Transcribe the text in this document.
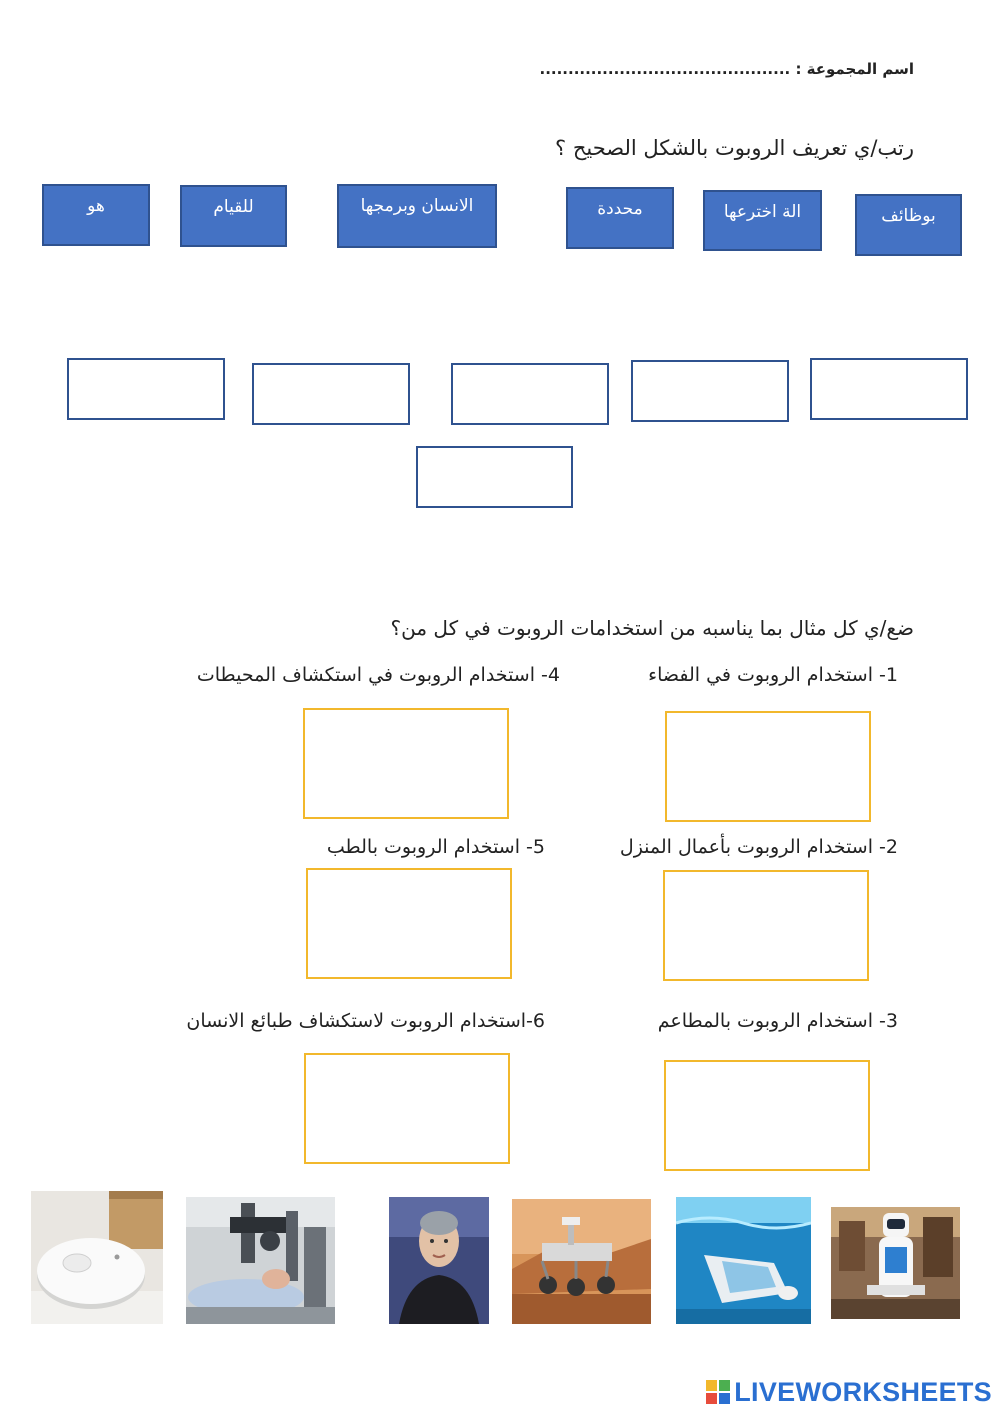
اسم المجموعة : ............................................
رتب/ي تعريف الروبوت بالشكل الصحيح ؟
بوظائف
الة اخترعها
محددة
الانسان وبرمجها
للقيام
هو
ضع/ي كل مثال بما يناسبه من استخدامات الروبوت في كل من؟
1- استخدام الروبوت في الفضاء
2- استخدام الروبوت بأعمال المنزل
3- استخدام الروبوت بالمطاعم
4- استخدام الروبوت في استكشاف المحيطات
5- استخدام الروبوت بالطب
6-استخدام الروبوت لاستكشاف طبائع الانسان
LIVEWORKSHEETS
